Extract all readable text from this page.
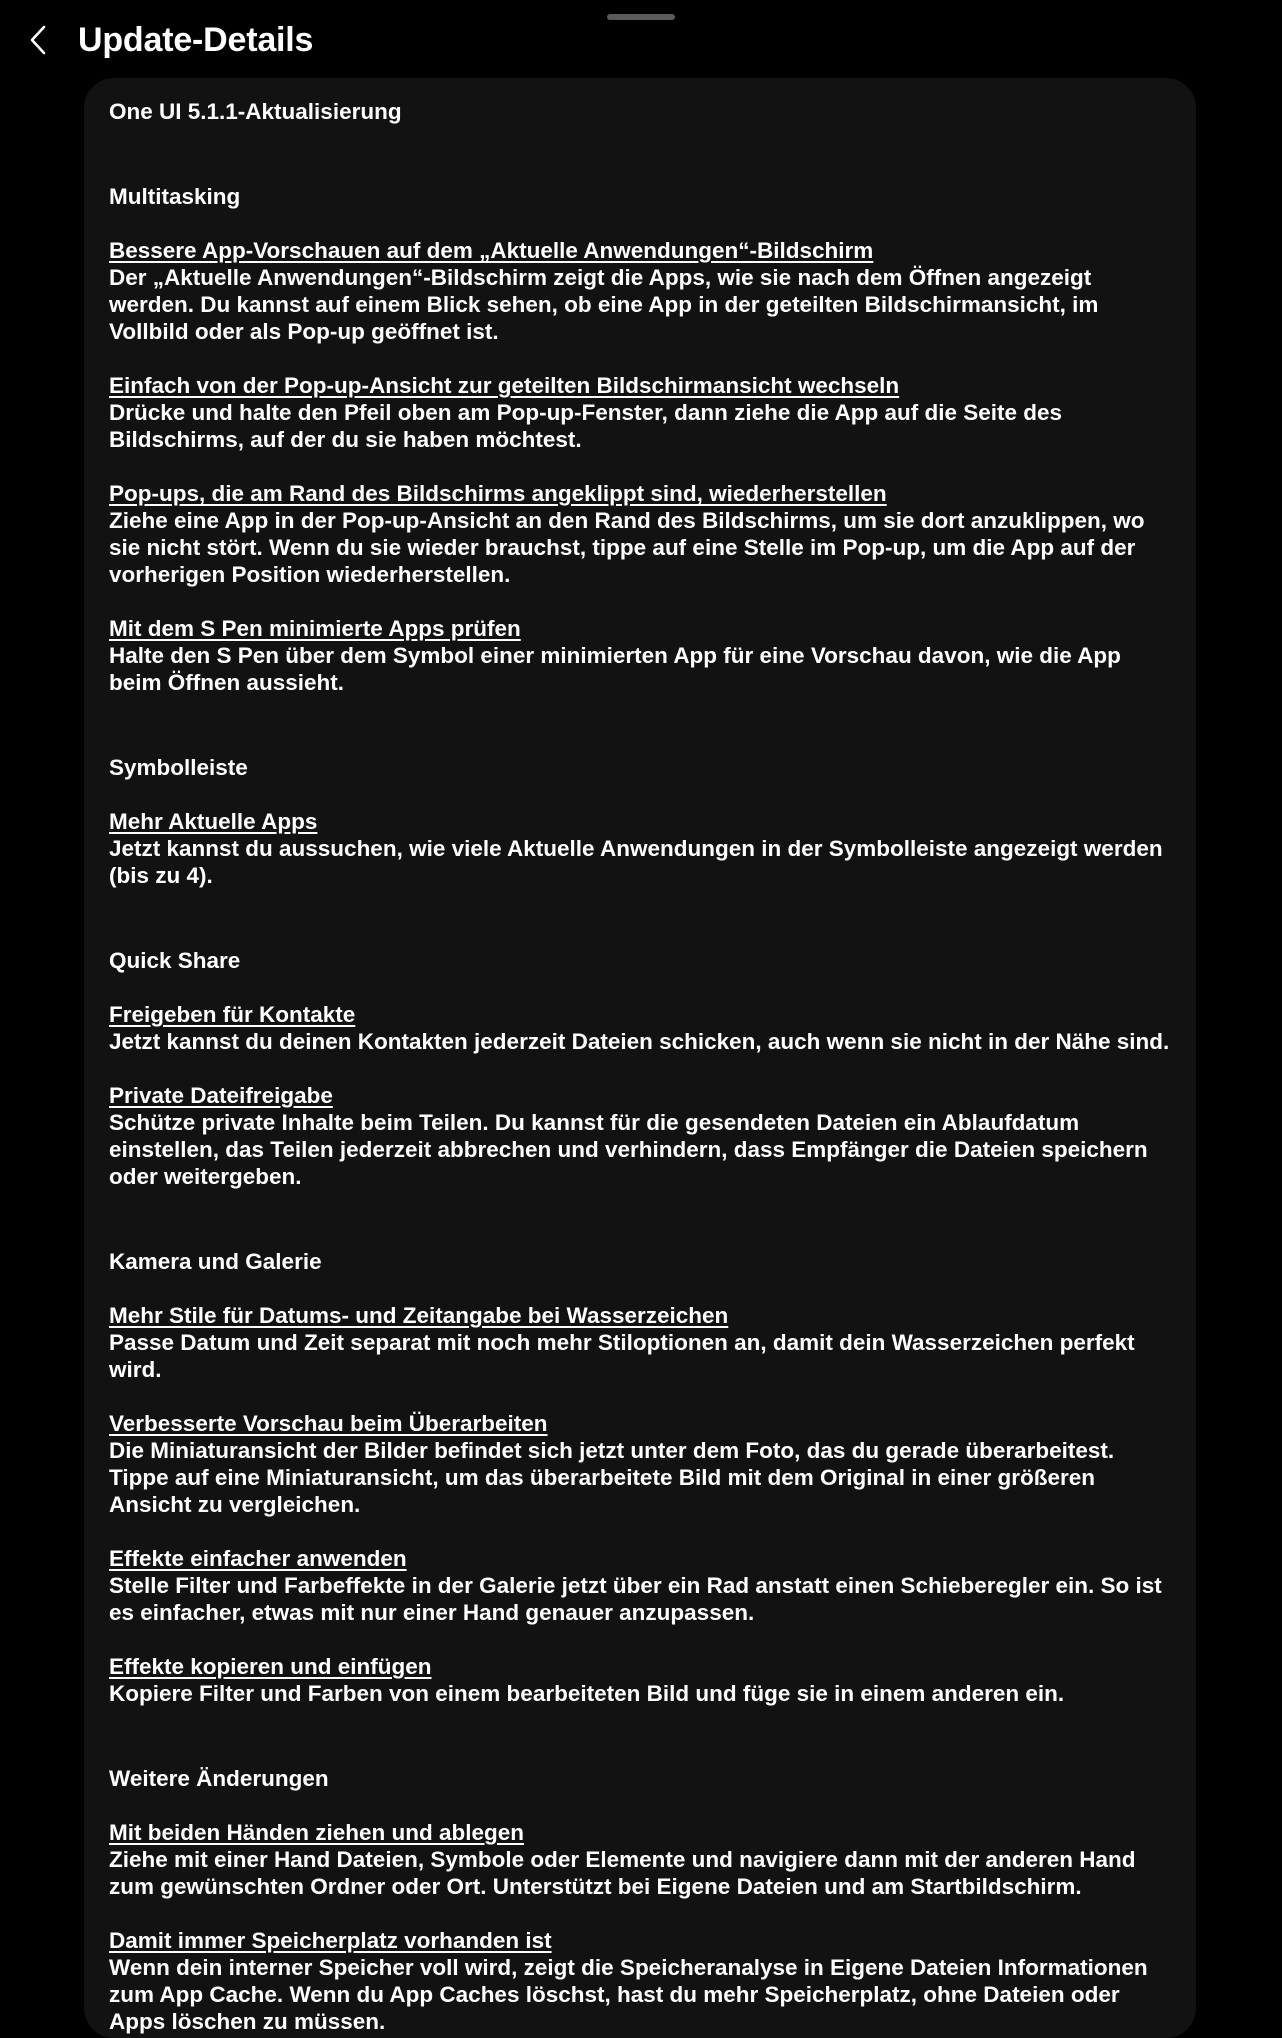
Update-Details
One UI 5.1.1-Aktualisierung
Multitasking
Bessere App-Vorschauen auf dem „Aktuelle Anwendungen“-Bildschirm
Der „Aktuelle Anwendungen“-Bildschirm zeigt die Apps, wie sie nach dem Öffnen angezeigt werden. Du kannst auf einem Blick sehen, ob eine App in der geteilten Bildschirmansicht, im Vollbild oder als Pop-up geöffnet ist.
Einfach von der Pop-up-Ansicht zur geteilten Bildschirmansicht wechseln
Drücke und halte den Pfeil oben am Pop-up-Fenster, dann ziehe die App auf die Seite des Bildschirms, auf der du sie haben möchtest.
Pop-ups, die am Rand des Bildschirms angeklippt sind, wiederherstellen
Ziehe eine App in der Pop-up-Ansicht an den Rand des Bildschirms, um sie dort anzuklippen, wo sie nicht stört. Wenn du sie wieder brauchst, tippe auf eine Stelle im Pop-up, um die App auf der vorherigen Position wiederherstellen.
Mit dem S Pen minimierte Apps prüfen
Halte den S Pen über dem Symbol einer minimierten App für eine Vorschau davon, wie die App beim Öffnen aussieht.
Symbolleiste
Mehr Aktuelle Apps
Jetzt kannst du aussuchen, wie viele Aktuelle Anwendungen in der Symbolleiste angezeigt werden (bis zu 4).
Quick Share
Freigeben für Kontakte
Jetzt kannst du deinen Kontakten jederzeit Dateien schicken, auch wenn sie nicht in der Nähe sind.
Private Dateifreigabe
Schütze private Inhalte beim Teilen. Du kannst für die gesendeten Dateien ein Ablaufdatum einstellen, das Teilen jederzeit abbrechen und verhindern, dass Empfänger die Dateien speichern oder weitergeben.
Kamera und Galerie
Mehr Stile für Datums- und Zeitangabe bei Wasserzeichen
Passe Datum und Zeit separat mit noch mehr Stiloptionen an, damit dein Wasserzeichen perfekt wird.
Verbesserte Vorschau beim Überarbeiten
Die Miniaturansicht der Bilder befindet sich jetzt unter dem Foto, das du gerade überarbeitest. Tippe auf eine Miniaturansicht, um das überarbeitete Bild mit dem Original in einer größeren Ansicht zu vergleichen.
Effekte einfacher anwenden
Stelle Filter und Farbeffekte in der Galerie jetzt über ein Rad anstatt einen Schieberegler ein. So ist es einfacher, etwas mit nur einer Hand genauer anzupassen.
Effekte kopieren und einfügen
Kopiere Filter und Farben von einem bearbeiteten Bild und füge sie in einem anderen ein.
Weitere Änderungen
Mit beiden Händen ziehen und ablegen
Ziehe mit einer Hand Dateien, Symbole oder Elemente und navigiere dann mit der anderen Hand zum gewünschten Ordner oder Ort. Unterstützt bei Eigene Dateien und am Startbildschirm.
Damit immer Speicherplatz vorhanden ist
Wenn dein interner Speicher voll wird, zeigt die Speicheranalyse in Eigene Dateien Informationen zum App Cache. Wenn du App Caches löschst, hast du mehr Speicherplatz, ohne Dateien oder Apps löschen zu müssen.
